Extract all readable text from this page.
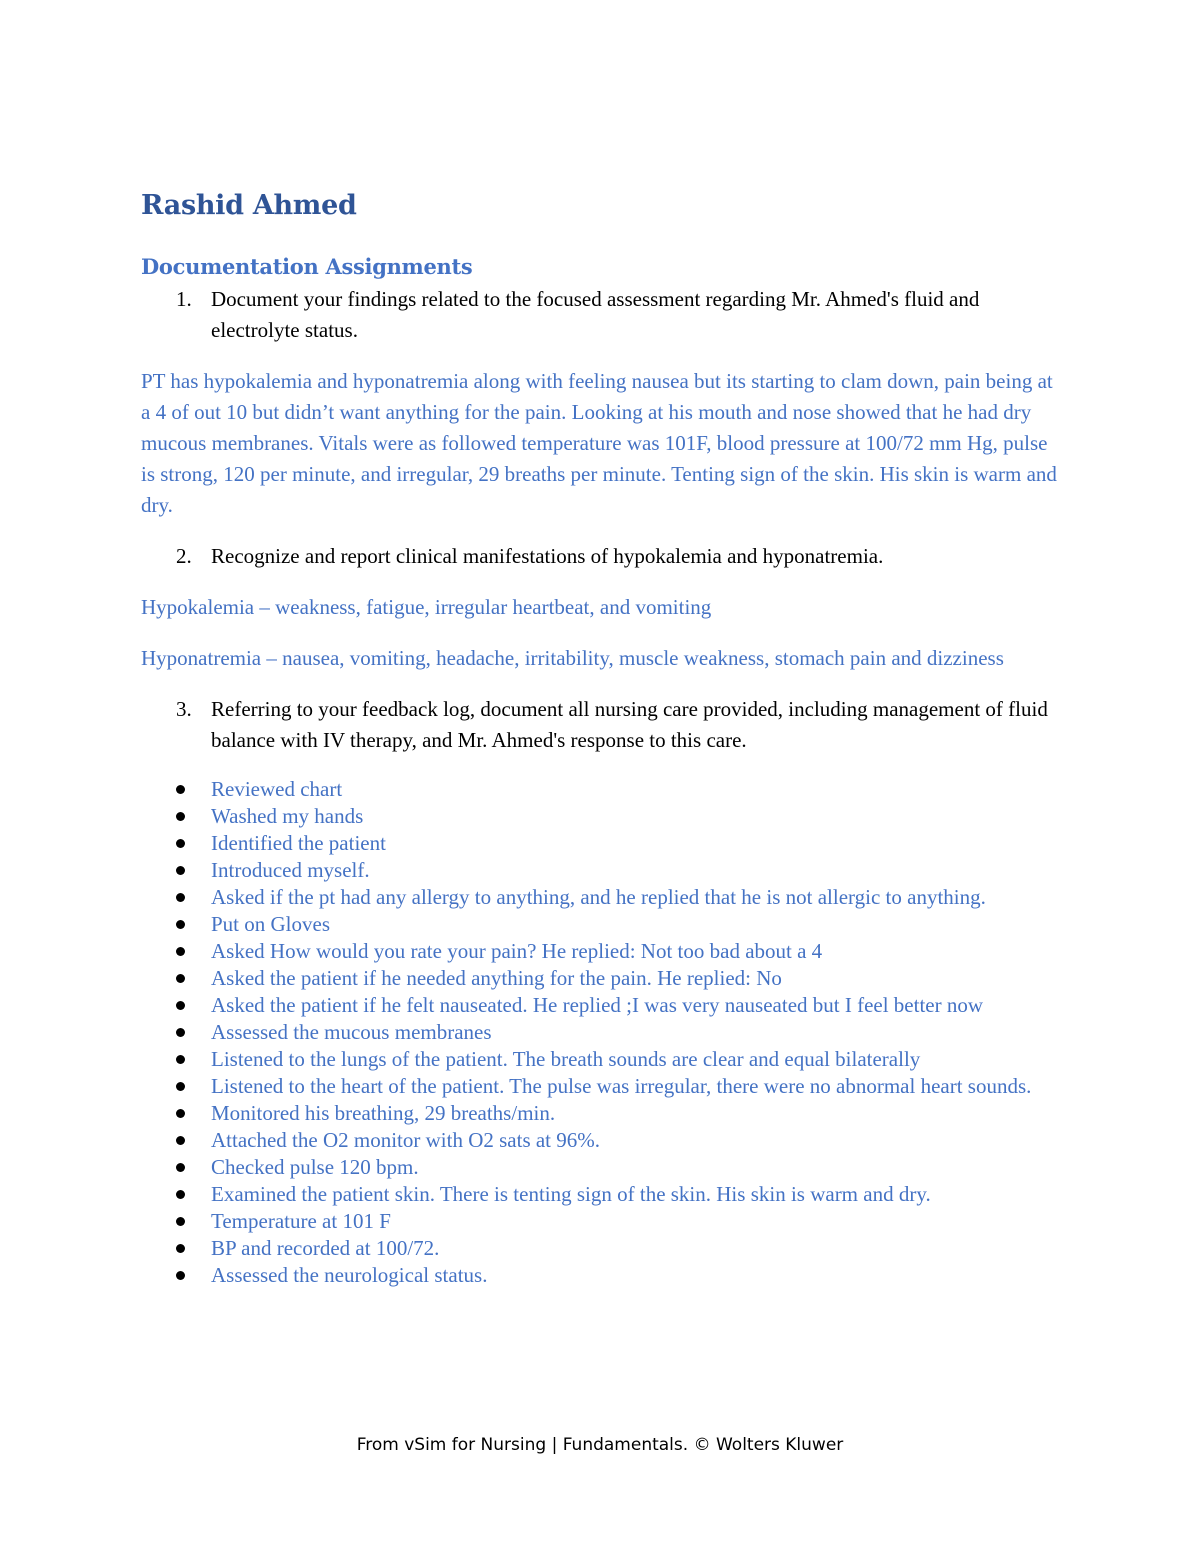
Rashid Ahmed
Documentation Assignments
1. Document your findings related to the focused assessment regarding Mr. Ahmed's fluid and electrolyte status.

PT has hypokalemia and hyponatremia along with feeling nausea but its starting to clam down, pain being at a 4 of out 10 but didn’t want anything for the pain. Looking at his mouth and nose showed that he had dry mucous membranes. Vitals were as followed temperature was 101F, blood pressure at 100/72 mm Hg, pulse is strong, 120 per minute, and irregular, 29 breaths per minute. Tenting sign of the skin. His skin is warm and dry.

2. Recognize and report clinical manifestations of hypokalemia and hyponatremia.

Hypokalemia – weakness, fatigue, irregular heartbeat, and vomiting

Hyponatremia – nausea, vomiting, headache, irritability, muscle weakness, stomach pain and dizziness

3. Referring to your feedback log, document all nursing care provided, including management of fluid balance with IV therapy, and Mr. Ahmed's response to this care.
Reviewed chart
Washed my hands
Identified the patient
Introduced myself.
Asked if the pt had any allergy to anything, and he replied that he is not allergic to anything.
Put on Gloves
Asked How would you rate your pain? He replied: Not too bad about a 4
Asked the patient if he needed anything for the pain. He replied: No
Asked the patient if he felt nauseated. He replied ;I was very nauseated but I feel better now
Assessed the mucous membranes
Listened to the lungs of the patient. The breath sounds are clear and equal bilaterally
Listened to the heart of the patient. The pulse was irregular, there were no abnormal heart sounds.
Monitored his breathing, 29 breaths/min.
Attached the O2 monitor with O2 sats at 96%.
Checked pulse 120 bpm.
Examined the patient skin. There is tenting sign of the skin. His skin is warm and dry.
Temperature at 101 F
BP and recorded at 100/72.
Assessed the neurological status.
From vSim for Nursing | Fundamentals. © Wolters Kluwer
